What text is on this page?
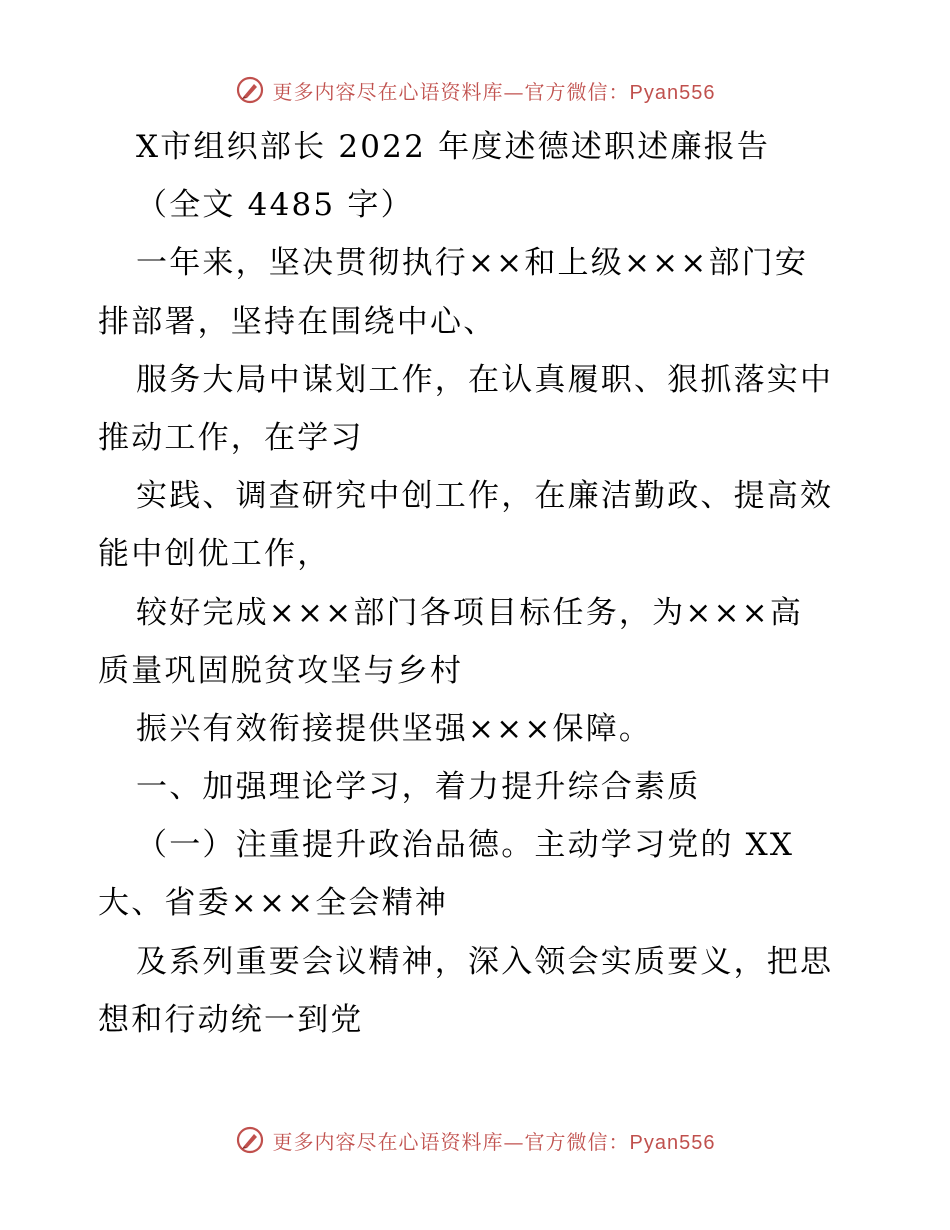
更多内容尽在心语资料库—官方微信：Pyan556
X市组织部长 2022 年度述德述职述廉报告
（全文 4485 字）
一年来，坚决贯彻执行××和上级×××部门安
排部署，坚持在围绕中心、
服务大局中谋划工作，在认真履职、狠抓落实中
推动工作，在学习
实践、调查研究中创工作，在廉洁勤政、提高效
能中创优工作，
较好完成×××部门各项目标任务，为×××高
质量巩固脱贫攻坚与乡村
振兴有效衔接提供坚强×××保障。
一、加强理论学习，着力提升综合素质
（一）注重提升政治品德。主动学习党的 XX
大、省委×××全会精神
及系列重要会议精神，深入领会实质要义，把思
想和行动统一到党
更多内容尽在心语资料库—官方微信：Pyan556
